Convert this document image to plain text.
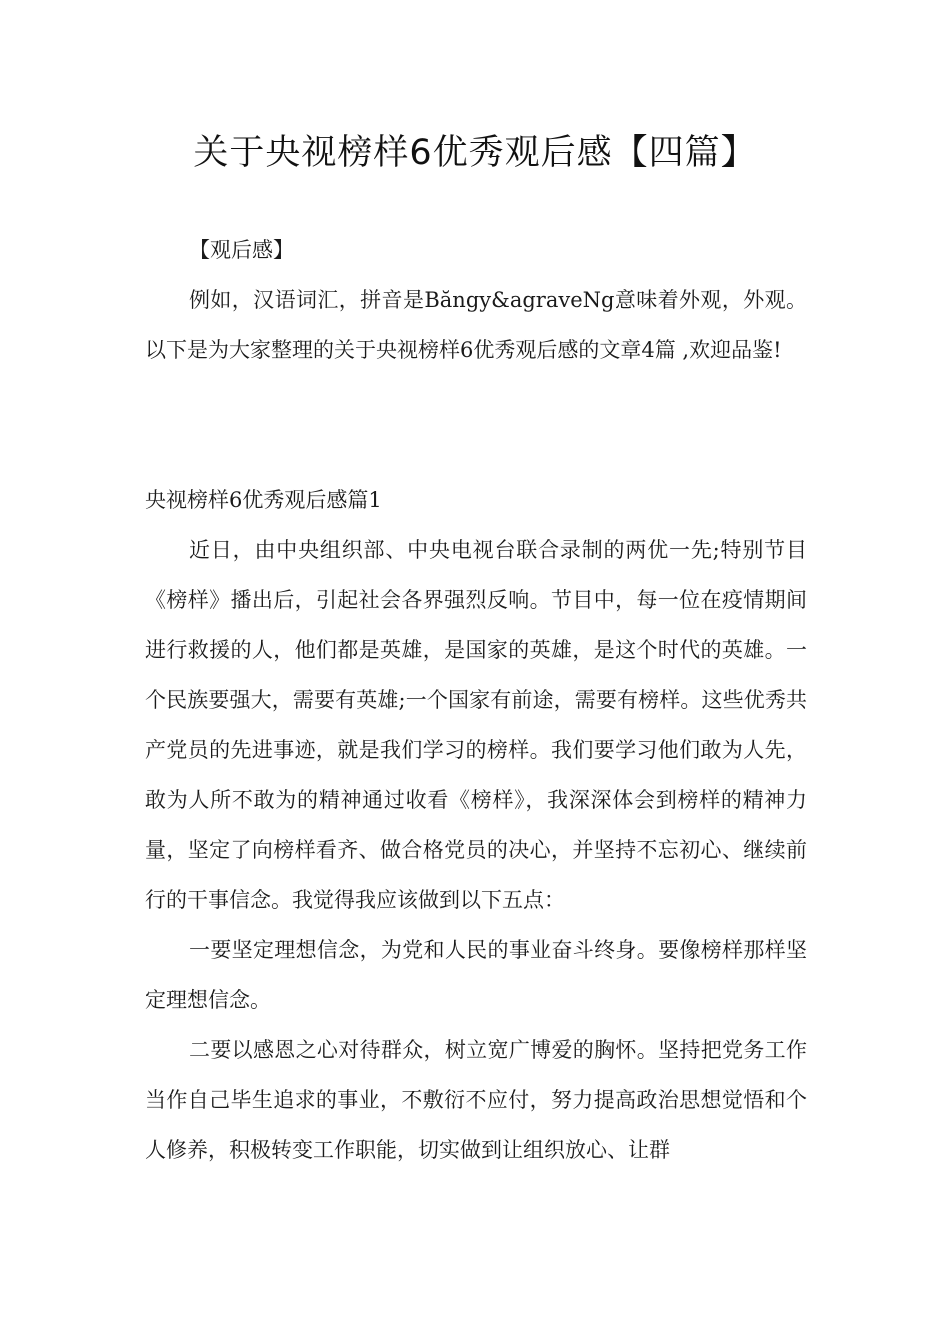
关于央视榜样6优秀观后感【四篇】

【观后感】

例如，汉语词汇，拼音是Băngy&agraveNg意味着外观，外观。以下是为大家整理的关于央视榜样6优秀观后感的文章4篇 ,欢迎品鉴!

央视榜样6优秀观后感篇1

近日，由中央组织部、中央电视台联合录制的两优一先;特别节目《榜样》播出后，引起社会各界强烈反响。节目中，每一位在疫情期间进行救援的人，他们都是英雄，是国家的英雄，是这个时代的英雄。一个民族要强大，需要有英雄;一个国家有前途，需要有榜样。这些优秀共产党员的先进事迹，就是我们学习的榜样。我们要学习他们敢为人先，敢为人所不敢为的精神通过收看《榜样》，我深深体会到榜样的精神力量，坚定了向榜样看齐、做合格党员的决心，并坚持不忘初心、继续前行的干事信念。我觉得我应该做到以下五点：

一要坚定理想信念，为党和人民的事业奋斗终身。要像榜样那样坚定理想信念。

二要以感恩之心对待群众，树立宽广博爱的胸怀。坚持把党务工作当作自己毕生追求的事业，不敷衍不应付，努力提高政治思想觉悟和个人修养，积极转变工作职能，切实做到让组织放心、让群
